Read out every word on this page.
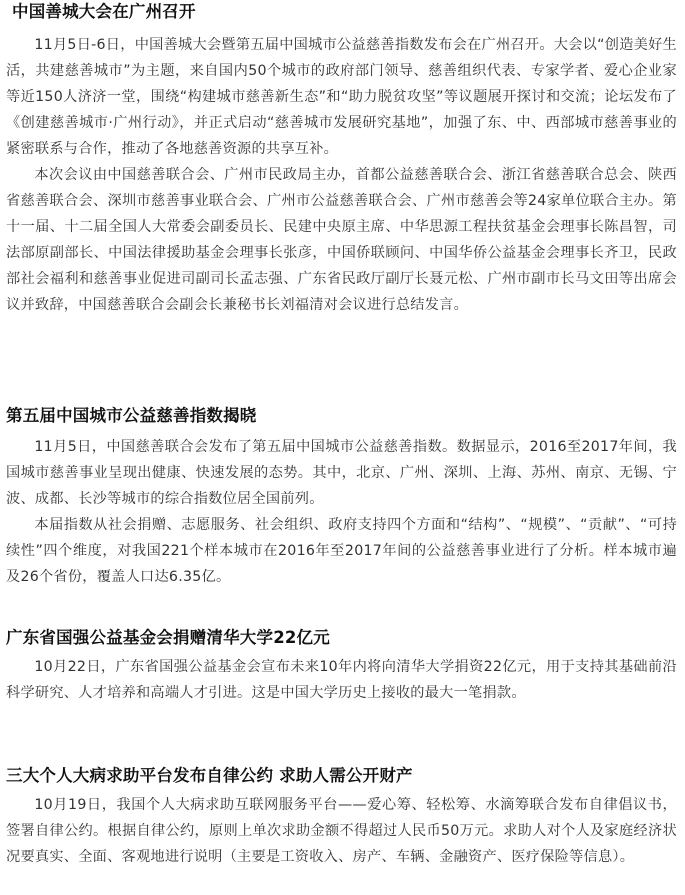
中国善城大会在广州召开

11月5日-6日，中国善城大会暨第五届中国城市公益慈善指数发布会在广州召开。大会以“创造美好生活，共建慈善城市”为主题，来自国内50个城市的政府部门领导、慈善组织代表、专家学者、爱心企业家等近150人济济一堂，围绕“构建城市慈善新生态”和“助力脱贫攻坚”等议题展开探讨和交流；论坛发布了《创建慈善城市·广州行动》，并正式启动“慈善城市发展研究基地”，加强了东、中、西部城市慈善事业的紧密联系与合作，推动了各地慈善资源的共享互补。

本次会议由中国慈善联合会、广州市民政局主办，首都公益慈善联合会、浙江省慈善联合总会、陕西省慈善联合会、深圳市慈善事业联合会、广州市公益慈善联合会、广州市慈善会等24家单位联合主办。第十一届、十二届全国人大常委会副委员长、民建中央原主席、中华思源工程扶贫基金会理事长陈昌智，司法部原副部长、中国法律援助基金会理事长张彦，中国侨联顾问、中国华侨公益基金会理事长齐卫，民政部社会福利和慈善事业促进司副司长孟志强、广东省民政厅副厅长聂元松、广州市副市长马文田等出席会议并致辞，中国慈善联合会副会长兼秘书长刘福清对会议进行总结发言。

第五届中国城市公益慈善指数揭晓

11月5日，中国慈善联合会发布了第五届中国城市公益慈善指数。数据显示，2016至2017年间，我国城市慈善事业呈现出健康、快速发展的态势。其中，北京、广州、深圳、上海、苏州、南京、无锡、宁波、成都、长沙等城市的综合指数位居全国前列。

本届指数从社会捐赠、志愿服务、社会组织、政府支持四个方面和“结构”、“规模”、“贡献”、“可持续性”四个维度，对我国221个样本城市在2016年至2017年间的公益慈善事业进行了分析。样本城市遍及26个省份，覆盖人口达6.35亿。

广东省国强公益基金会捐赠清华大学22亿元

10月22日，广东省国强公益基金会宣布未来10年内将向清华大学捐资22亿元，用于支持其基础前沿科学研究、人才培养和高端人才引进。这是中国大学历史上接收的最大一笔捐款。

三大个人大病求助平台发布自律公约 求助人需公开财产

10月19日，我国个人大病求助互联网服务平台——爱心筹、轻松筹、水滴筹联合发布自律倡议书，签署自律公约。根据自律公约，原则上单次求助金额不得超过人民币50万元。求助人对个人及家庭经济状况要真实、全面、客观地进行说明（主要是工资收入、房产、车辆、金融资产、医疗保险等信息）。
